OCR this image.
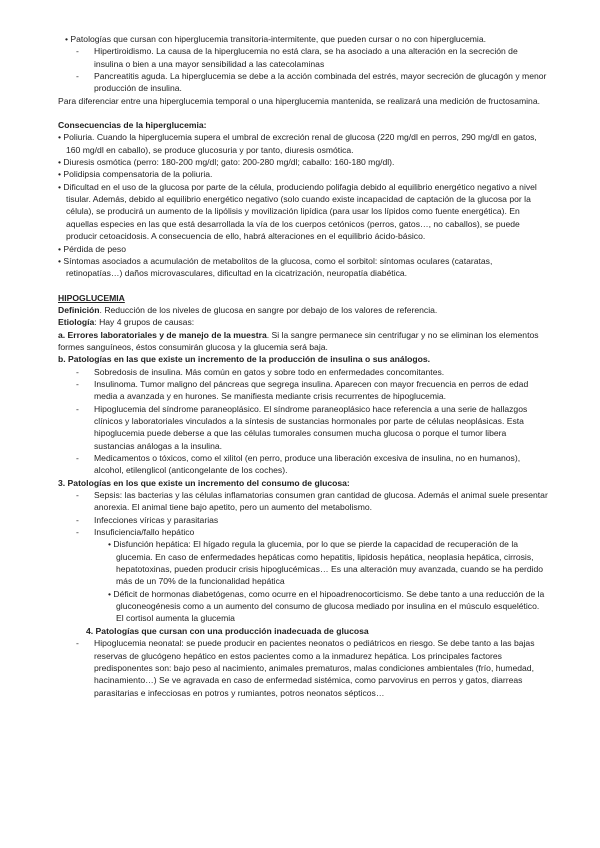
• Patologías que cursan con hiperglucemia transitoria-intermitente, que pueden cursar o no con hiperglucemia.

- Hipertiroidismo. La causa de la hiperglucemia no está clara, se ha asociado a una alteración en la secreción de insulina o bien a una mayor sensibilidad a las catecolaminas
- Pancreatitis aguda. La hiperglucemia se debe a la acción combinada del estrés, mayor secreción de glucagón y menor producción de insulina.

Para diferenciar entre una hiperglucemia temporal o una hiperglucemia mantenida, se realizará una medición de fructosamina.

Consecuencias de la hiperglucemia:

• Poliuria. Cuando la hiperglucemia supera el umbral de excreción renal de glucosa (220 mg/dl en perros, 290 mg/dl en gatos, 160 mg/dl en caballo), se produce glucosuria y por tanto, diuresis osmótica.

• Diuresis osmótica (perro: 180-200 mg/dl; gato: 200-280 mg/dl; caballo: 160-180 mg/dl).

• Polidipsia compensatoria de la poliuria.

• Dificultad en el uso de la glucosa por parte de la célula, produciendo polifagia debido al equilibrio energético negativo a nivel tisular. Además, debido al equilibrio energético negativo (solo cuando existe incapacidad de captación de la glucosa por la célula), se producirá un aumento de la lipólisis y movilización lipídica (para usar los lípidos como fuente energética). En aquellas especies en las que está desarrollada la vía de los cuerpos cetónicos (perros, gatos…, no caballos), se puede producir cetoacidosis. A consecuencia de ello, habrá alteraciones en el equilibrio ácido-básico.

• Pérdida de peso

• Síntomas asociados a acumulación de metabolitos de la glucosa, como el sorbitol: síntomas oculares (cataratas, retinopatías…) daños microvasculares, dificultad en la cicatrización, neuropatía diabética.

HIPOGLUCEMIA

Definición. Reducción de los niveles de glucosa en sangre por debajo de los valores de referencia.

Etiología: Hay 4 grupos de causas:

a. Errores laboratoriales y de manejo de la muestra. Si la sangre permanece sin centrifugar y no se eliminan los elementos formes sanguíneos, éstos consumirán glucosa y la glucemia será baja.

b. Patologías en las que existe un incremento de la producción de insulina o sus análogos.

- Sobredosis de insulina. Más común en gatos y sobre todo en enfermedades concomitantes.
- Insulinoma. Tumor maligno del páncreas que segrega insulina. Aparecen con mayor frecuencia en perros de edad media a avanzada y en hurones. Se manifiesta mediante crisis recurrentes de hipoglucemia.
- Hipoglucemia del síndrome paraneoplásico. El síndrome paraneoplásico hace referencia a una serie de hallazgos clínicos y laboratoriales vinculados a la síntesis de sustancias hormonales por parte de células neoplásicas. Esta hipoglucemia puede deberse a que las células tumorales consumen mucha glucosa o porque el tumor libera sustancias análogas a la insulina.
- Medicamentos o tóxicos, como el xilitol (en perro, produce una liberación excesiva de insulina, no en humanos), alcohol, etilenglicol (anticongelante de los coches).

3. Patologías en los que existe un incremento del consumo de glucosa:

- Sepsis: las bacterias y las células inflamatorias consumen gran cantidad de glucosa. Además el animal suele presentar anorexia. El animal tiene bajo apetito, pero un aumento del metabolismo.
- Infecciones víricas y parasitarias
- Insuficiencia/fallo hepático

• Disfunción hepática: El hígado regula la glucemia, por lo que se pierde la capacidad de recuperación de la glucemia. En caso de enfermedades hepáticas como hepatitis, lipidosis hepática, neoplasia hepática, cirrosis, hepatotoxinas, pueden producir crisis hipoglucémicas… Es una alteración muy avanzada, cuando se ha perdido más de un 70% de la funcionalidad hepática

• Déficit de hormonas diabetógenas, como ocurre en el hipoadrenocorticismo. Se debe tanto a una reducción de la gluconeogénesis como a un aumento del consumo de glucosa mediado por insulina en el músculo esquelético. El cortisol aumenta la glucemia

4. Patologías que cursan con una producción inadecuada de glucosa

- Hipoglucemia neonatal: se puede producir en pacientes neonatos o pediátricos en riesgo. Se debe tanto a las bajas reservas de glucógeno hepático en estos pacientes como a la inmadurez hepática. Los principales factores predisponentes son: bajo peso al nacimiento, animales prematuros, malas condiciones ambientales (frío, humedad, hacinamiento…) Se ve agravada en caso de enfermedad sistémica, como parvovirus en perros y gatos, diarreas parasitarias e infecciosas en potros y rumiantes, potros neonatos sépticos…
